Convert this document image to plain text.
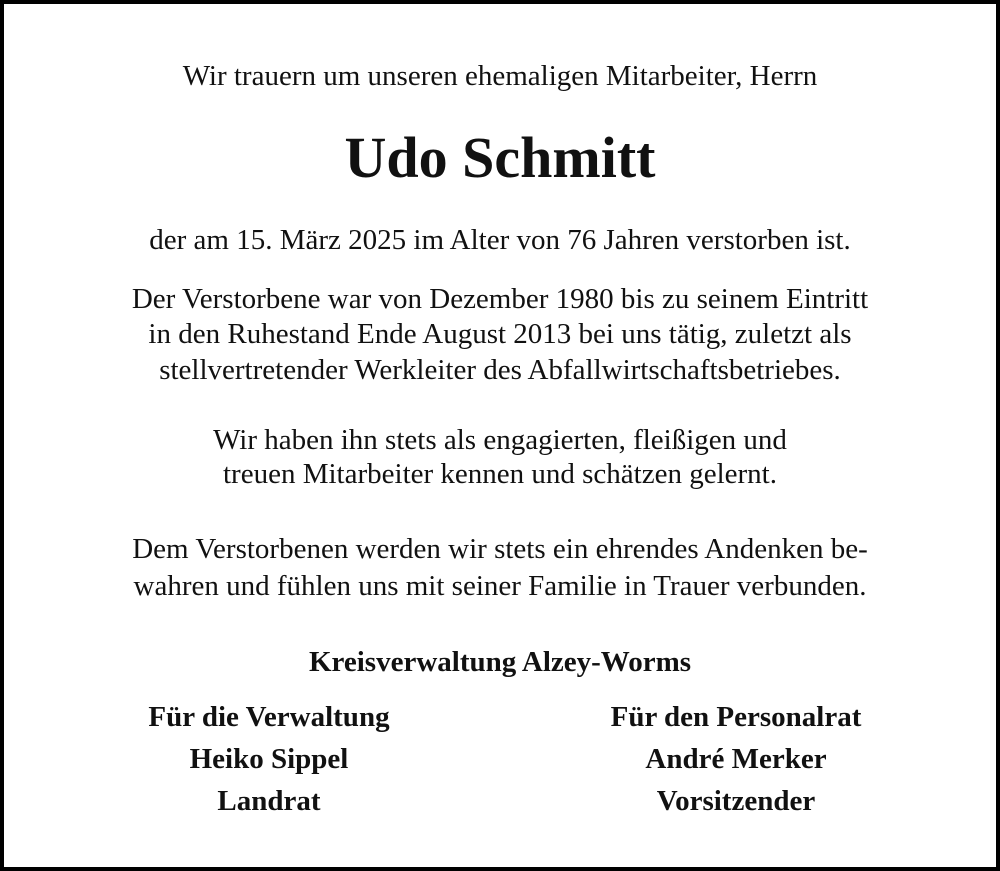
Wir trauern um unseren ehemaligen Mitarbeiter, Herrn
Udo Schmitt
der am 15. März 2025 im Alter von 76 Jahren verstorben ist.
Der Verstorbene war von Dezember 1980 bis zu seinem Eintritt
in den Ruhestand Ende August 2013 bei uns tätig, zuletzt als
stellvertretender Werkleiter des Abfallwirtschaftsbetriebes.
Wir haben ihn stets als engagierten, fleißigen und
treuen Mitarbeiter kennen und schätzen gelernt.
Dem Verstorbenen werden wir stets ein ehrendes Andenken be-
wahren und fühlen uns mit seiner Familie in Trauer verbunden.
Kreisverwaltung Alzey-Worms
Für die Verwaltung
Heiko Sippel
Landrat
Für den Personalrat
André Merker
Vorsitzender
